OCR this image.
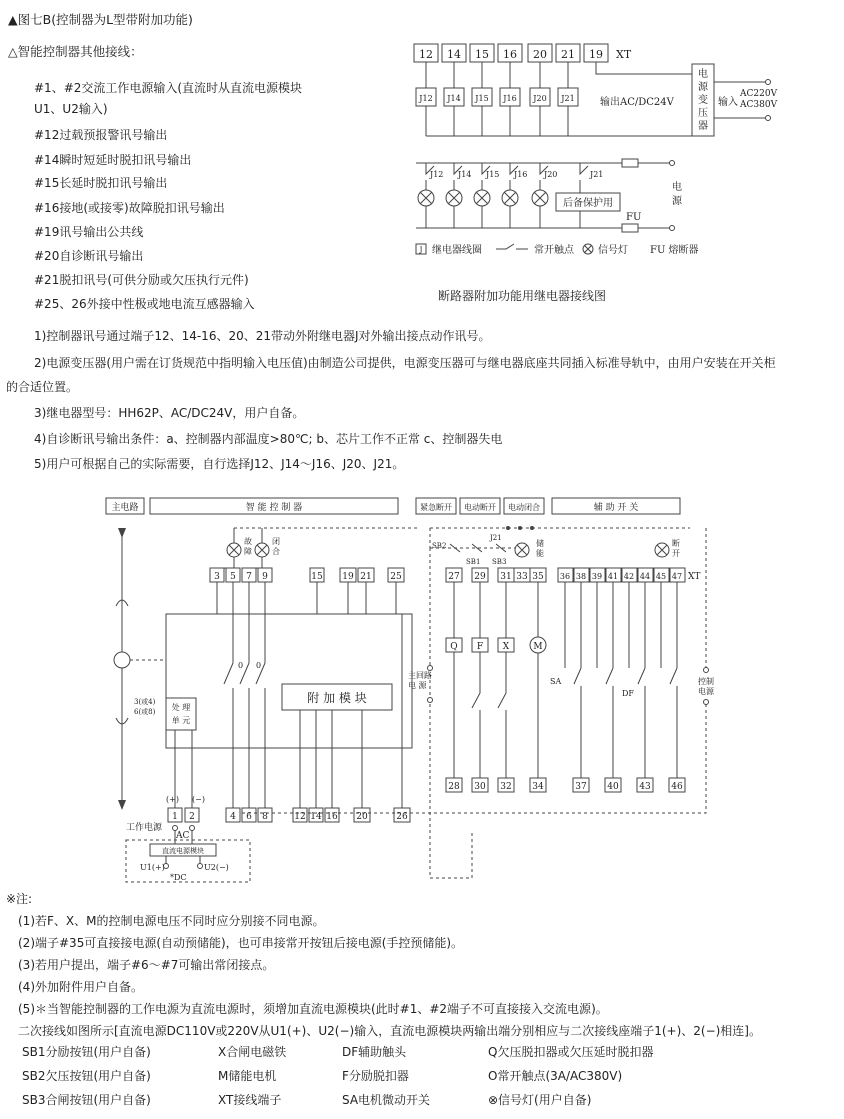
▲图七B(控制器为L型带附加功能)
△智能控制器其他接线：
#1、#2交流工作电源输入(直流时从直流电源模块
U1、U2输入)
#12过载预报警讯号输出
#14瞬时短延时脱扣讯号输出
#15长延时脱扣讯号输出
#16接地(或接零)故障脱扣讯号输出
#19讯号输出公共线
#20自诊断讯号输出
#21脱扣讯号(可供分励或欠压执行元件)
#25、26外接中性极或地电流互感器输入
12 14 15 16 20 21 19 XT
J12 J14 J15 J16 J20 J21
电
源
变
压
器
输出AC/DC24V	输入
AC220V
AC380V
J12 J14 J15 J16 J20	J21
后备保护用
FU
电
源
J 继电器线圈	常开触点 信号灯 FU 熔断器
断路器附加功能用继电器接线图
1)控制器讯号通过端子12、14-16、20、21带动外附继电器J对外输出接点动作讯号。
2)电源变压器(用户需在订货规范中指明输入电压值)由制造公司提供，电源变压器可与继电器底座共同插入标准导轨中，由用户安装在开关柜
的合适位置。
3)继电器型号：HH62P、AC/DC24V，用户自备。
4)自诊断讯号输出条件：a、控制器内部温度>80℃; b、芯片工作不正常 c、控制器失电
5)用户可根据自己的实际需要，自行选择J12、J14～J16、J20、J21。
主电路	智 能 控 制 器	紧急断开 电动断开 电动闭合	辅 助 开 关
故
障
闭
合
3 5 7 9	15 19 21 25
0 0
处 理
单 元
3(或4)
6(或8)
附 加 模 块
(+) (−)
1 2	4 6 8	12 14 16 20	26
SB2
J21
SB1 SB3
储
能
27 29 31 33 35
Q F X	M
主回路
电 源
28 30 32 34
断
开
36 38 39 41 42 44 45 47 XT
SA
DF
37 40 43 46
控制
电源
工作电源
AC
直流电源模块
U1(+)	U2(−)
*DC
※注:
(1)若F、X、M的控制电源电压不同时应分别接不同电源。
(2)端子#35可直接接电源(自动预储能)，也可串接常开按钮后接电源(手控预储能)。
(3)若用户提出，端子#6～#7可输出常闭接点。
(4)外加附件用户自备。
(5)＊当智能控制器的工作电源为直流电源时，须增加直流电源模块(此时#1、#2端子不可直接接入交流电源)。
二次接线如图所示[直流电源DC110V或220V从U1(+)、U2(−)输入，直流电源模块两输出端分别相应与二次接线座端子1(+)、2(−)相连]。
SB1分励按钮(用户自备)	X合闸电磁铁	DF辅助触头	Q欠压脱扣器或欠压延时脱扣器
SB2欠压按钮(用户自备)	M储能电机	F分励脱扣器	O常开触点(3A/AC380V)
SB3合闸按钮(用户自备)	XT接线端子	SA电机微动开关	⊗信号灯(用户自备)
